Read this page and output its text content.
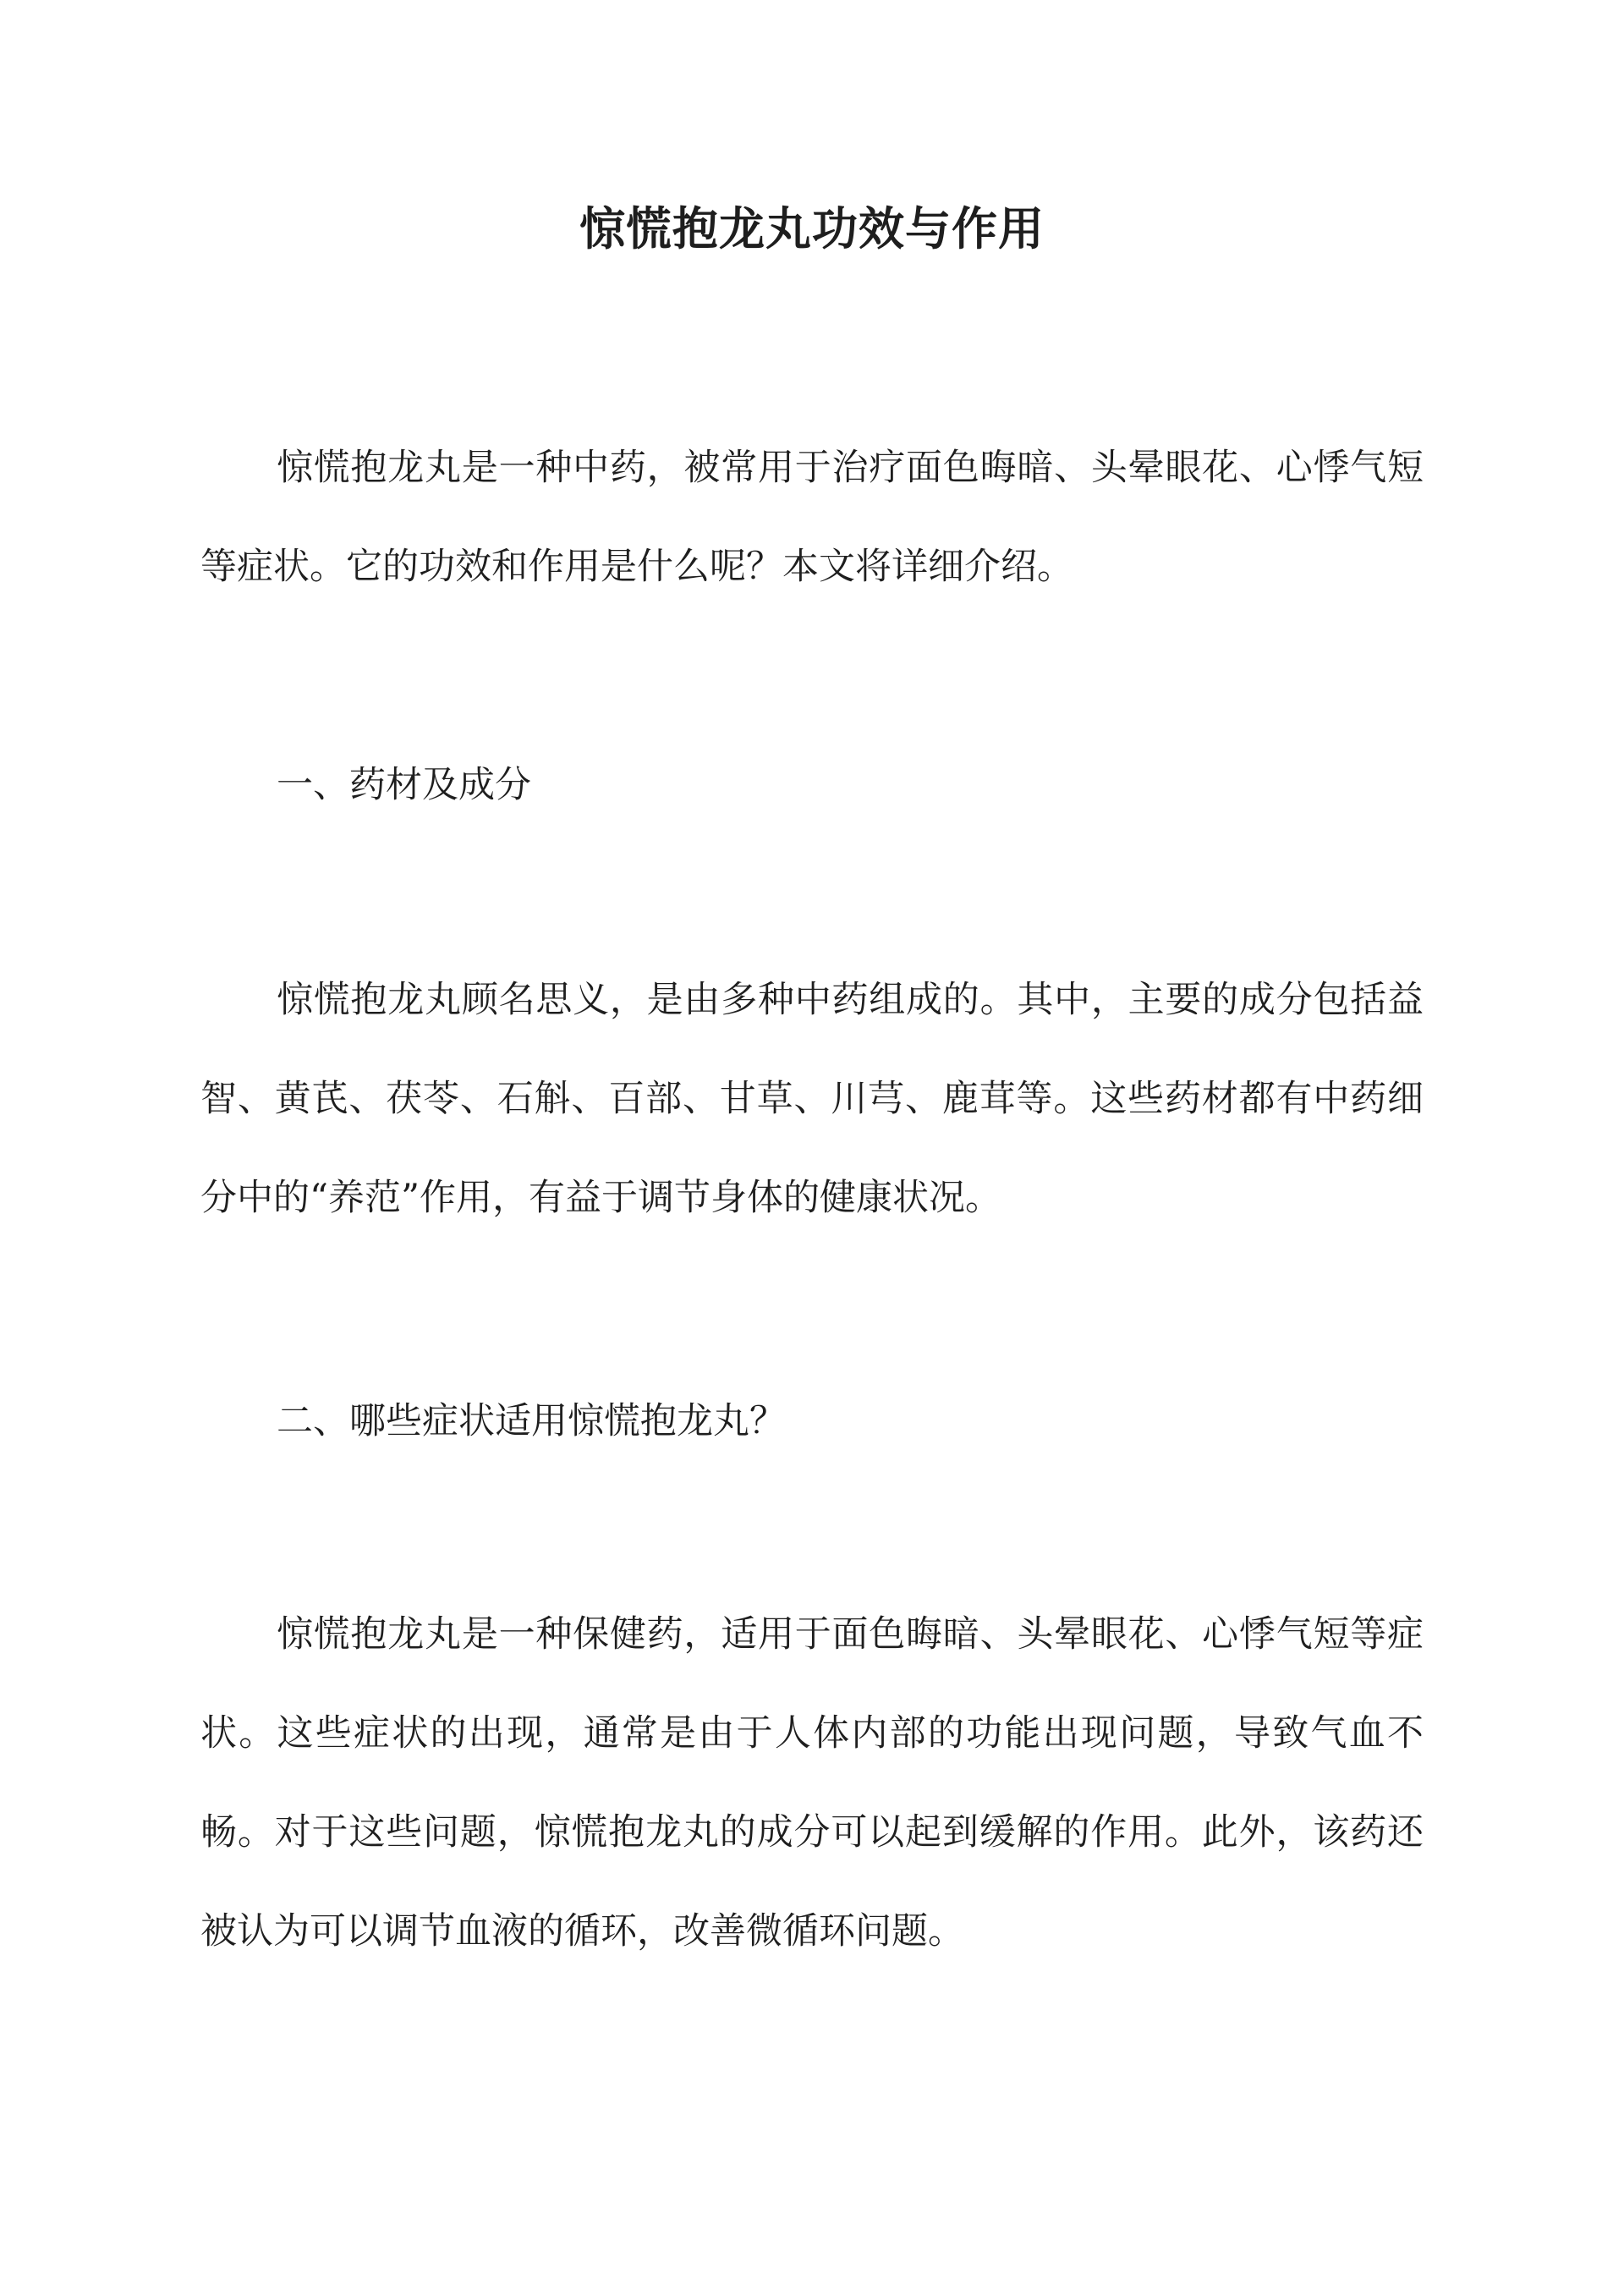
惊慌抱龙丸功效与作用

惊慌抱龙丸是一种中药，被常用于治疗面色晦暗、头晕眼花、心悸气短等症状。它的功效和作用是什么呢？本文将详细介绍。

一、药材及成分

惊慌抱龙丸顾名思义，是由多种中药组成的。其中，主要的成分包括益智、黄芪、茯苓、石斛、百部、甘草、川芎、鹿茸等。这些药材都有中药细分中的“养范”作用，有益于调节身体的健康状况。

二、哪些症状适用惊慌抱龙丸？

惊慌抱龙丸是一种保健药，适用于面色晦暗、头晕眼花、心悸气短等症状。这些症状的出现，通常是由于人体内部的功能出现问题，导致气血不畅。对于这些问题，惊慌抱龙丸的成分可以起到缓解的作用。此外，该药还被认为可以调节血液的循环，改善微循环问题。
